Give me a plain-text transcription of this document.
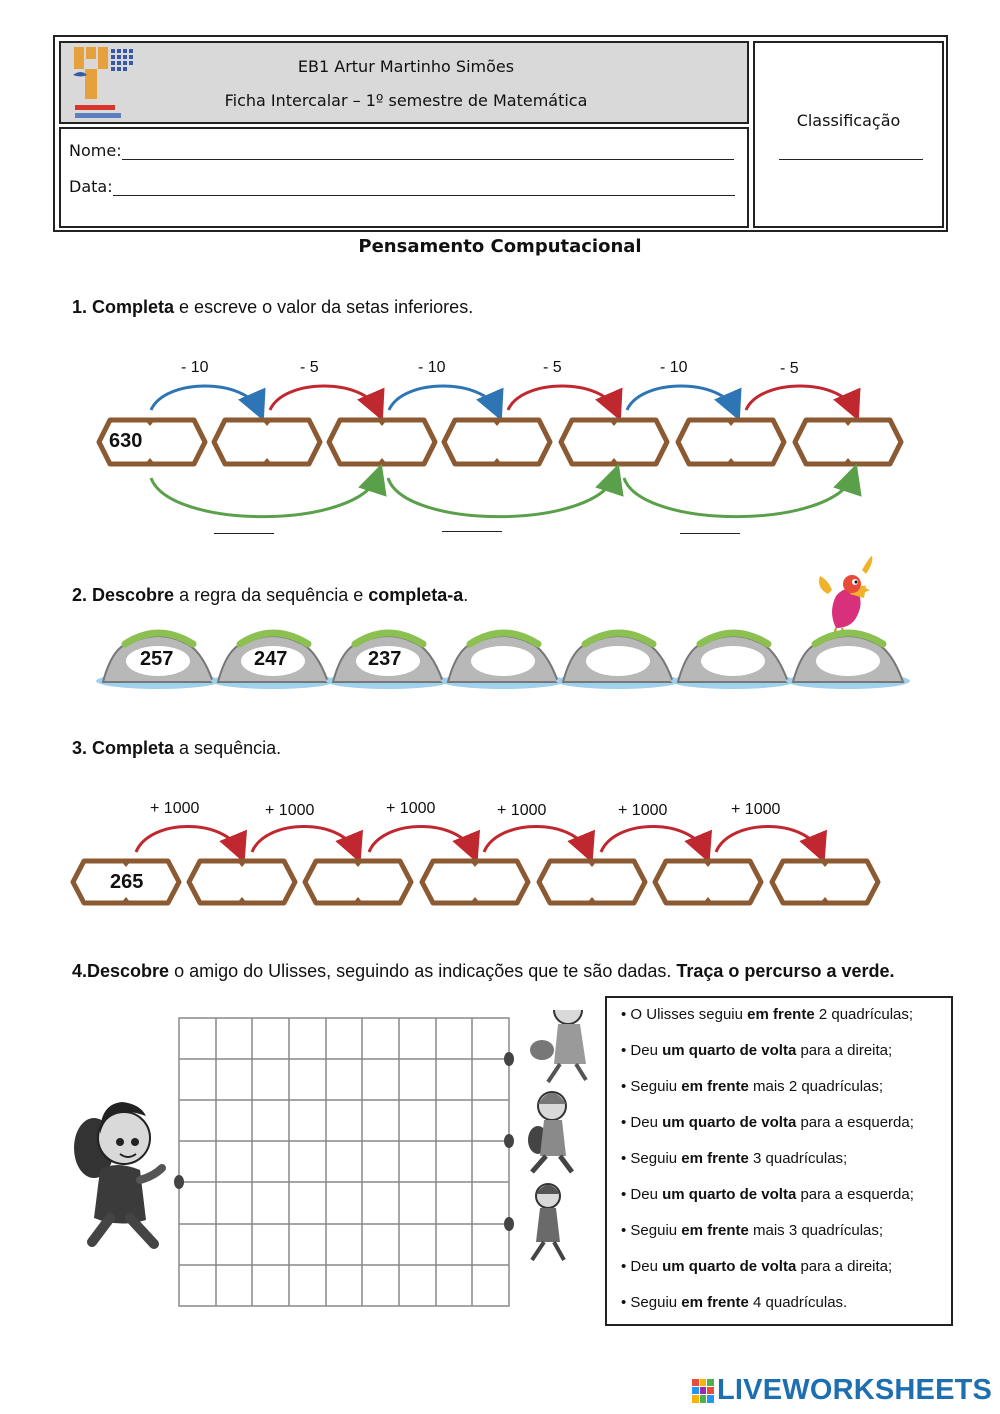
EB1 Artur Martinho Simões
Ficha Intercalar – 1º semestre de Matemática
Nome:
Data:
Classificação
Pensamento Computacional
1. Completa e escreve o valor da setas inferiores.
- 10	- 5	- 10	- 5	- 10	- 5
630
2. Descobre a regra da sequência e completa-a.
257	247	237
3. Completa a sequência.
+ 1000	+ 1000	+ 1000	+ 1000	+ 1000	+ 1000
265
4.Descobre o amigo do Ulisses, seguindo as indicações que te são dadas. Traça o percurso a verde.
• O Ulisses seguiu em frente 2 quadrículas;
• Deu um quarto de volta para a direita;
• Seguiu em frente mais 2 quadrículas;
• Deu um quarto de volta para a esquerda;
• Seguiu em frente 3 quadrículas;
• Deu um quarto de volta para a esquerda;
• Seguiu em frente mais 3 quadrículas;
• Deu um quarto de volta para a direita;
• Seguiu em frente 4 quadrículas.
LIVEWORKSHEETS
